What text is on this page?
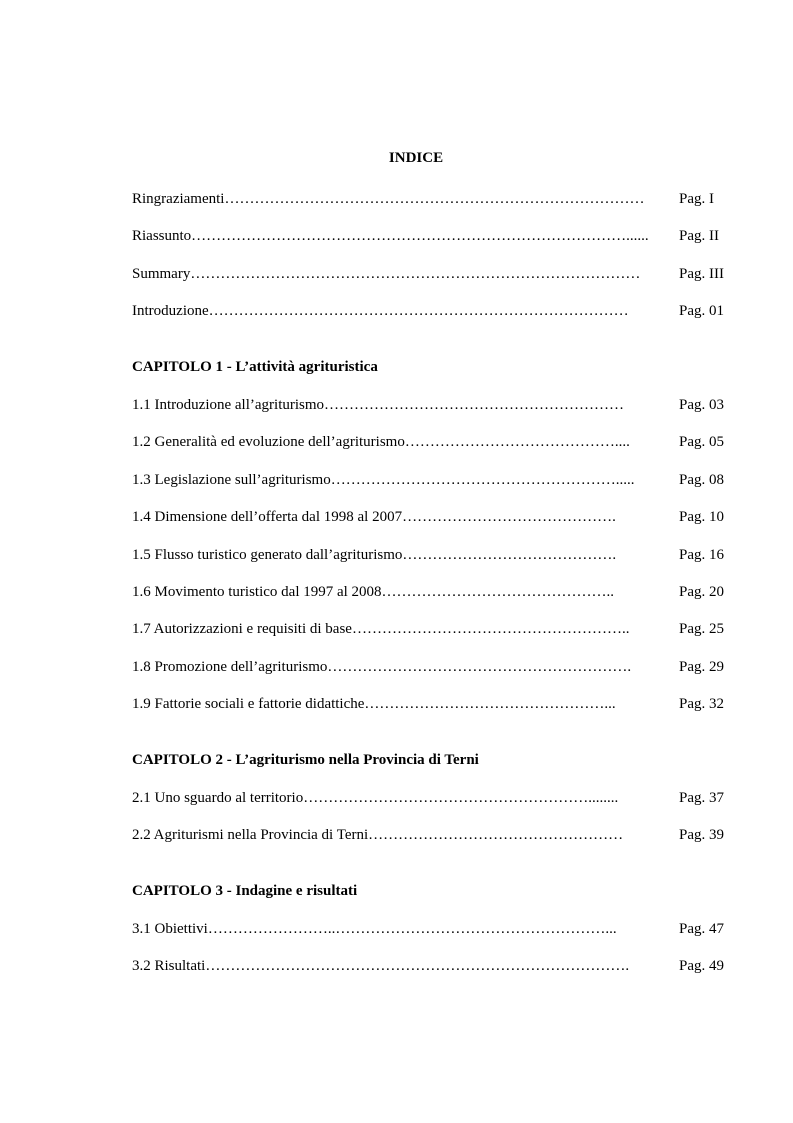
INDICE
Ringraziamenti………………………………………………………………………… Pag. I
Riassunto……………………………………………………………………………...... Pag. II
Summary………………………………………………………………………………	Pag. III
Introduzione…………………………………………………………………………	Pag. 01
CAPITOLO 1 - L’attività agrituristica
1.1 Introduzione all’agriturismo……………………………………………………	Pag. 03
1.2 Generalità ed evoluzione dell’agriturismo……………………………………....	Pag. 05
1.3 Legislazione sull’agriturismo………………………………………………….....	Pag. 08
1.4 Dimensione dell’offerta dal 1998 al 2007…………………………………….	Pag. 10
1.5 Flusso turistico generato dall’agriturismo…………………………………….	Pag. 16
1.6 Movimento turistico dal 1997 al 2008………………………………………..	Pag. 20
1.7 Autorizzazioni e requisiti di base………………………………………………..	Pag. 25
1.8 Promozione dell’agriturismo…………………………………………………….	Pag. 29
1.9 Fattorie sociali e fattorie didattiche…………………………………………...	Pag. 32
CAPITOLO 2 - L’agriturismo nella Provincia di Terni
2.1 Uno sguardo al territorio…………………………………………………........	Pag. 37
2.2 Agriturismi nella Provincia di Terni……………………………………………	Pag. 39
CAPITOLO 3 - Indagine e risultati
3.1 Obiettivi……………………..………………………………………………...	Pag. 47
3.2 Risultati………………………………………………………………………….	Pag. 49
